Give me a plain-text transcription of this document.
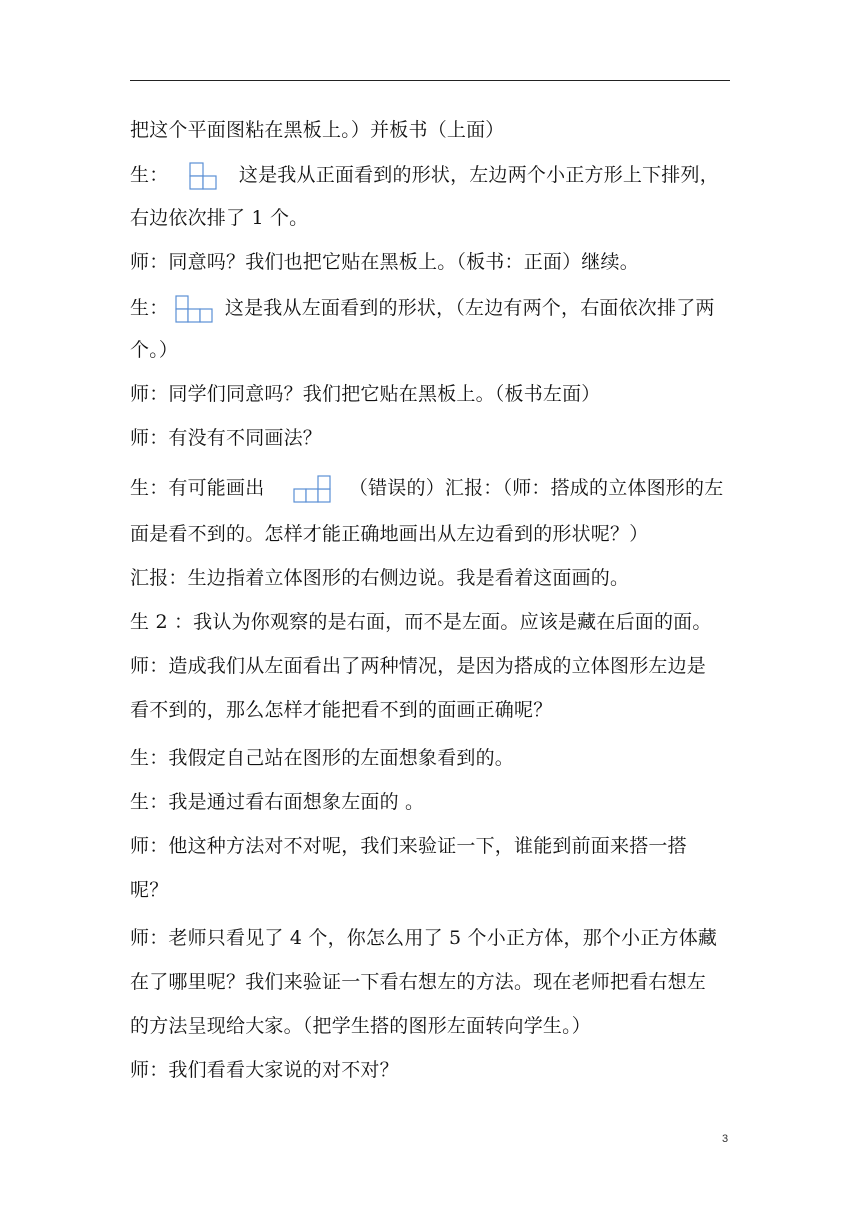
把这个平面图粘在黑板上。）并板书（上面）
生：	这是我从正面看到的形状，左边两个小正方形上下排列，
右边依次排了 1 个。
师：同意吗？我们也把它贴在黑板上。（板书：正面）继续。
生：	这是我从左面看到的形状，（左边有两个，右面依次排了两
个。）
师：同学们同意吗？我们把它贴在黑板上。（板书左面）
师：有没有不同画法？
生：有可能画出	（错误的）汇报：（师：搭成的立体图形的左
面是看不到的。怎样才能正确地画出从左边看到的形状呢？）
汇报：生边指着立体图形的右侧边说。我是看着这面画的。
生 2 ：我认为你观察的是右面，而不是左面。应该是藏在后面的面。
师：造成我们从左面看出了两种情况，是因为搭成的立体图形左边是
看不到的，那么怎样才能把看不到的面画正确呢？
生：我假定自己站在图形的左面想象看到的。
生：我是通过看右面想象左面的 。
师：他这种方法对不对呢，我们来验证一下，谁能到前面来搭一搭
呢？
师：老师只看见了 4 个，你怎么用了 5 个小正方体，那个小正方体藏
在了哪里呢？我们来验证一下看右想左的方法。现在老师把看右想左
的方法呈现给大家。（把学生搭的图形左面转向学生。）
师：我们看看大家说的对不对？
3
